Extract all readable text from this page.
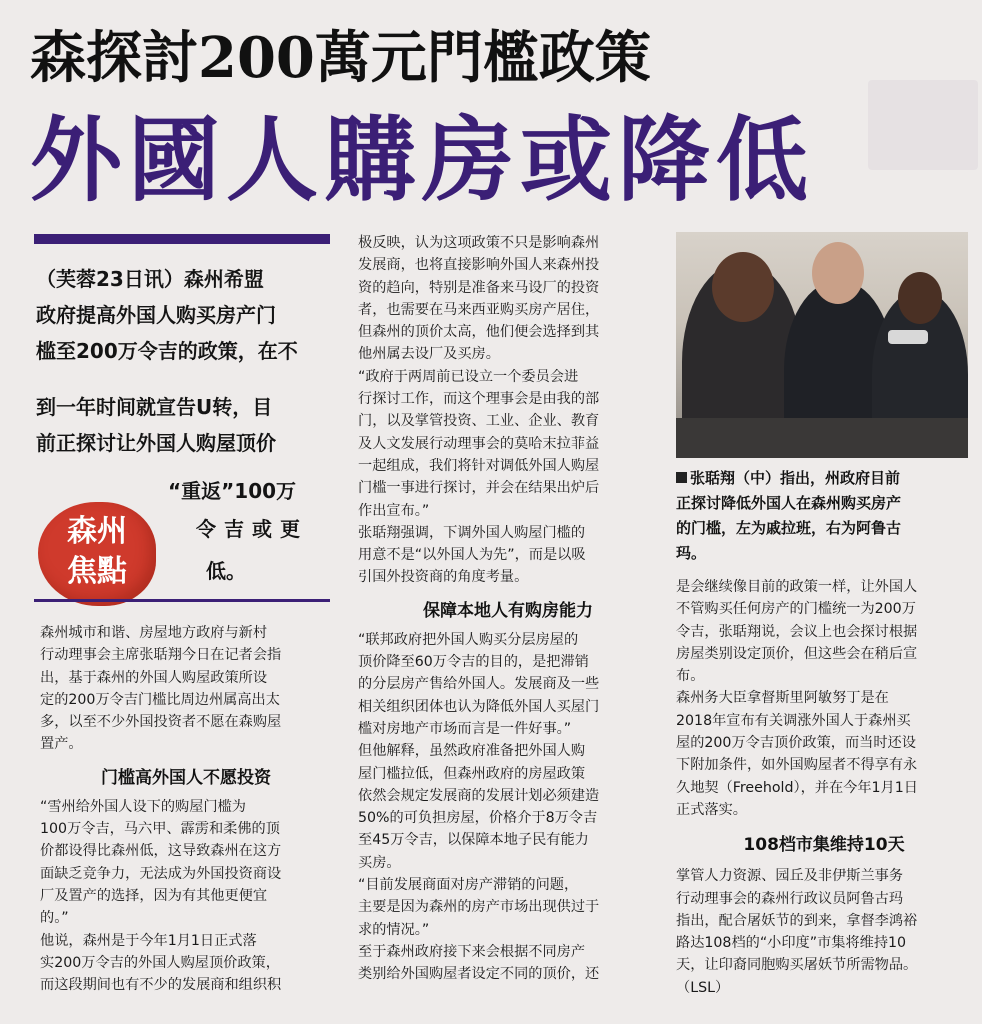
森探討200萬元門檻政策
外國人購房或降低
（芙蓉23日讯）森州希盟
政府提高外国人购买房产门
槛至200万令吉的政策，在不
到一年时间就宣告U转，目
前正探讨让外国人购屋顶价
“重返”100万
令吉或更
低。
森州
焦點
森州城市和谐、房屋地方政府与新村
行动理事会主席张聒翔今日在记者会指
出，基于森州的外国人购屋政策所设
定的200万令吉门槛比周边州属高出太
多，以至不少外国投资者不愿在森购屋
置产。
门槛高外国人不愿投资
“雪州给外国人设下的购屋门槛为
100万令吉，马六甲、霹雳和柔佛的顶
价都设得比森州低，这导致森州在这方
面缺乏竞争力，无法成为外国投资商设
厂及置产的选择，因为有其他更便宜
的。”
他说，森州是于今年1月1日正式落
实200万令吉的外国人购屋顶价政策，
而这段期间也有不少的发展商和组织积
极反映，认为这项政策不只是影响森州
发展商，也将直接影响外国人来森州投
资的趋向，特别是准备来马设厂的投资
者，也需要在马来西亚购买房产居住，
但森州的顶价太高，他们便会选择到其
他州属去设厂及买房。
“政府于两周前已设立一个委员会进
行探讨工作，而这个理事会是由我的部
门，以及掌管投资、工业、企业、教育
及人文发展行动理事会的莫哈末拉菲益
一起组成，我们将针对调低外国人购屋
门槛一事进行探讨，并会在结果出炉后
作出宣布。”
张聒翔强调，下调外国人购屋门槛的
用意不是“以外国人为先”，而是以吸
引国外投资商的角度考量。
保障本地人有购房能力
“联邦政府把外国人购买分层房屋的
顶价降至60万令吉的目的，是把滞销
的分层房产售给外国人。发展商及一些
相关组织团体也认为降低外国人买屋门
槛对房地产市场而言是一件好事。”
但他解释，虽然政府准备把外国人购
屋门槛拉低，但森州政府的房屋政策
依然会规定发展商的发展计划必须建造
50%的可负担房屋，价格介于8万令吉
至45万令吉，以保障本地子民有能力
买房。
“目前发展商面对房产滞销的问题，
主要是因为森州的房产市场出现供过于
求的情况。”
至于森州政府接下来会根据不同房产
类别给外国购屋者设定不同的顶价，还
张聒翔（中）指出，州政府目前
正探讨降低外国人在森州购买房产
的门槛，左为戚拉班，右为阿鲁古
玛。
是会继续像目前的政策一样，让外国人
不管购买任何房产的门槛统一为200万
令吉，张聒翔说，会议上也会探讨根据
房屋类别设定顶价，但这些会在稍后宣
布。
森州务大臣拿督斯里阿敏努丁是在
2018年宣布有关调涨外国人于森州买
屋的200万令吉顶价政策，而当时还设
下附加条件，如外国购屋者不得享有永
久地契（Freehold），并在今年1月1日
正式落实。
108档市集维持10天
掌管人力资源、园丘及非伊斯兰事务
行动理事会的森州行政议员阿鲁古玛
指出，配合屠妖节的到来，拿督李鸿裕
路达108档的“小印度”市集将维持10
天，让印裔同胞购买屠妖节所需物品。
（LSL）
